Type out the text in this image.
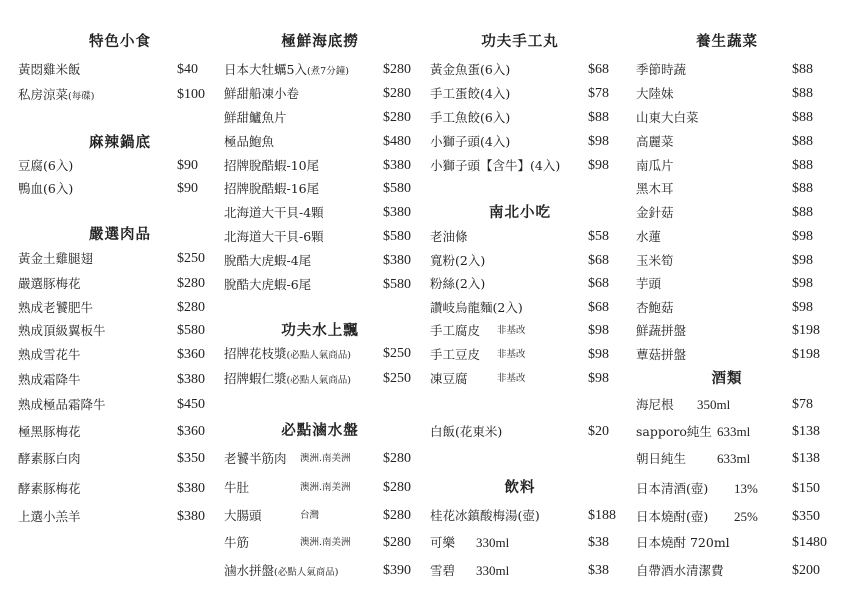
特色小食
黃悶雞米飯	$40
私房涼菜(每碟)	$100
麻辣鍋底
豆腐(6入)	$90
鴨血(6入)	$90
嚴選肉品
黃金土雞腿翅	$250
嚴選豚梅花	$280
熟成老饕肥牛	$280
熟成頂級翼板牛	$580
熟成雪花牛	$360
熟成霜降牛	$380
熟成極品霜降牛	$450
極黑豚梅花	$360
酵素豚白肉	$350
酵素豚梅花	$380
上選小羔羊	$380
極鮮海底撈
日本大牡蠣5入(煮7分鐘) $280
鮮甜船凍小卷	$280
鮮甜鱸魚片	$280
極品鮑魚	$480
招牌脫酷蝦-10尾	$380
招牌脫酷蝦-16尾	$580
北海道大干貝-4顆	$380
北海道大干貝-6顆	$580
脫酷大虎蝦-4尾	$380
脫酷大虎蝦-6尾	$580
功夫水上飄
招牌花枝漿(必點人氣商品) $250
招牌蝦仁漿(必點人氣商品) $250
必點滷水盤
老饕半筋肉 澳洲.南美洲 $280
牛肚	澳洲.南美洲 $280
大腸頭	台灣	$280
牛筋	澳洲.南美洲 $280
滷水拼盤(必點人氣商品)	$390
功夫手工丸
黃金魚蛋(6入)	$68
手工蛋餃(4入)	$78
手工魚餃(6入)	$88
小獅子頭(4入)	$98
小獅子頭【含牛】(4入) $98
南北小吃
老油條	$58
寬粉(2入)	$68
粉絲(2入)	$68
讚岐烏龍麵(2入)	$68
手工腐皮 非基改	$98
手工豆皮 非基改	$98
凍豆腐	非基改	$98
白飯(花東米)	$20
飲料
桂花冰鎮酸梅湯(壺)	$188
可樂 330ml	$38
雪碧 330ml	$38
養生蔬菜
季節時蔬	$88
大陸妹	$88
山東大白菜	$88
高麗菜	$88
南瓜片	$88
黑木耳	$88
金針菇	$88
水蓮	$98
玉米筍	$98
芋頭	$98
杏鮑菇	$98
鮮蔬拼盤	$198
蕈菇拼盤	$198
酒類
海尼根 350ml	$78
sapporo純生 633ml	$138
朝日純生 633ml	$138
日本清酒(壺) 13% $150
日本燒酎(壺) 25% $350
日本燒酎 720ml	$1480
自帶酒水清潔費	$200
